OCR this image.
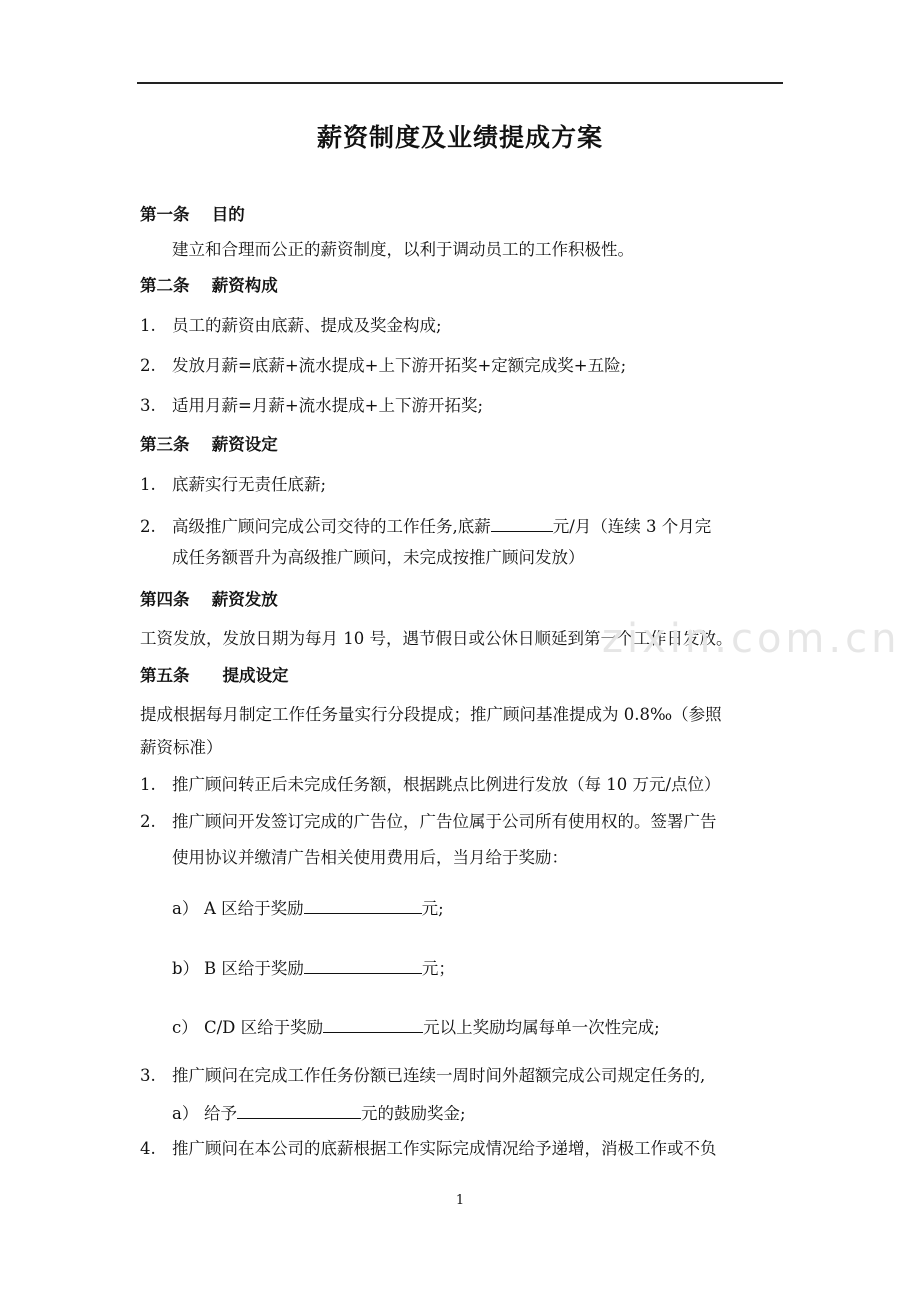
薪资制度及业绩提成方案
第一条　 目的
建立和合理而公正的薪资制度，以利于调动员工的工作积极性。
第二条　 薪资构成
1. 员工的薪资由底薪、提成及奖金构成;
2. 发放月薪=底薪+流水提成+上下游开拓奖+定额完成奖+五险;
3. 适用月薪=月薪+流水提成+上下游开拓奖;
第三条　 薪资设定
1. 底薪实行无责任底薪;
2. 高级推广顾问完成公司交待的工作任务,底薪	元/月（连续 3 个月完
成任务额晋升为高级推广顾问，未完成按推广顾问发放）
第四条　 薪资发放
工资发放，发放日期为每月 10 号，遇节假日或公休日顺延到第一个工作日发放。
第五条　　提成设定
提成根据每月制定工作任务量实行分段提成；推广顾问基准提成为 0.8‰（参照
薪资标准）
1. 推广顾问转正后未完成任务额，根据跳点比例进行发放（每 10 万元/点位）
2. 推广顾问开发签订完成的广告位，广告位属于公司所有使用权的。签署广告
使用协议并缴清广告相关使用费用后，当月给于奖励：
a） A 区给于奖励	元;
b） B 区给于奖励	元；
c） C/D 区给于奖励	元以上奖励均属每单一次性完成;
3. 推广顾问在完成工作任务份额已连续一周时间外超额完成公司规定任务的,
a） 给予	元的鼓励奖金;
4. 推广顾问在本公司的底薪根据工作实际完成情况给予递增，消极工作或不负
zixin.com.cn
1
